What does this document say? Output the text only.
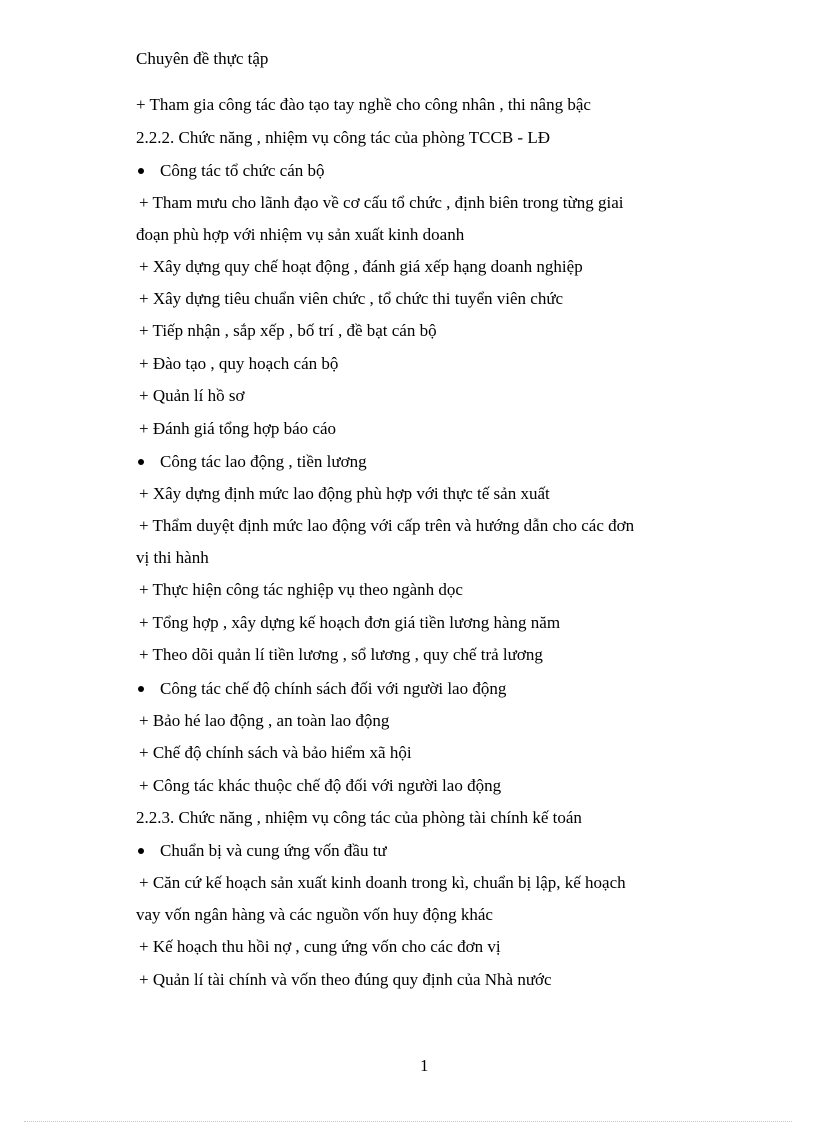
Chuyên đề thực tập
+ Tham gia công tác đào tạo tay nghề cho công nhân , thi nâng bậc
2.2.2. Chức năng , nhiệm vụ công tác của phòng TCCB - LĐ
Công tác tổ chức cán bộ
+ Tham mưu cho lãnh đạo về cơ cấu tổ chức , định biên trong từng giai
đoạn phù hợp với nhiệm vụ sản xuất kinh doanh
+ Xây dựng quy chế hoạt động , đánh giá xếp hạng doanh nghiệp
+ Xây dựng tiêu chuẩn viên chức , tổ chức thi tuyển viên chức
+ Tiếp nhận , sắp xếp , bố trí , đề bạt cán bộ
+ Đào tạo , quy hoạch cán bộ
+ Quản lí hồ sơ
+ Đánh giá tổng hợp báo cáo
Công tác lao động , tiền lương
+ Xây dựng định mức lao động phù hợp với thực tế sản xuất
+ Thẩm duyệt định mức lao động với cấp trên và hướng dẫn cho các đơn
vị thi hành
+ Thực hiện công tác nghiệp vụ theo ngành dọc
+ Tổng hợp , xây dựng kế hoạch đơn giá tiền lương hàng năm
+ Theo dõi quản lí tiền lương , sổ lương , quy chế trả lương
Công tác chế độ chính sách đối với người lao động
+ Bảo hé lao động , an toàn lao động
+ Chế độ chính sách và bảo hiểm xã hội
+ Công tác khác thuộc chế độ đối với người lao động
2.2.3. Chức năng , nhiệm vụ công tác của phòng tài chính kế toán
Chuẩn bị và cung ứng vốn đầu tư
+ Căn cứ kế hoạch sản xuất kinh doanh trong kì, chuẩn bị lập, kế hoạch
vay vốn ngân hàng và các nguồn vốn huy động khác
+ Kế hoạch thu hồi nợ , cung ứng vốn cho các đơn vị
+ Quản lí tài chính và vốn theo đúng quy định của Nhà nước
1
